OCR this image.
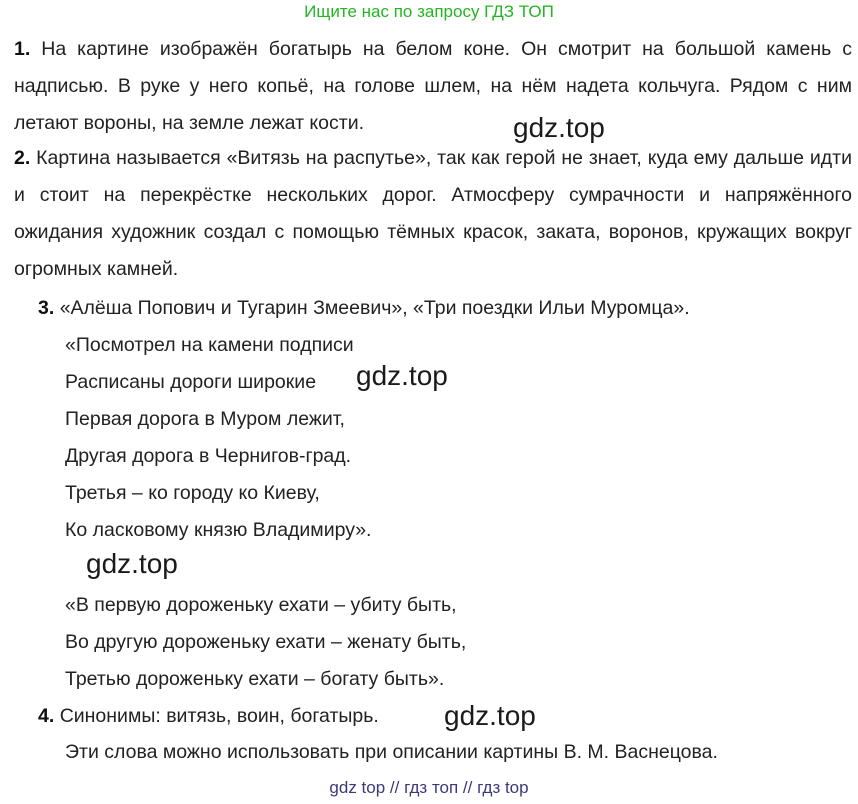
Ищите нас по запросу ГДЗ ТОП
1. На картине изображён богатырь на белом коне. Он смотрит на большой камень с надписью. В руке у него копьё, на голове шлем, на нём надета кольчуга. Рядом с ним летают вороны, на земле лежат кости.
2. Картина называется «Витязь на распутье», так как герой не знает, куда ему дальше идти и стоит на перекрёстке нескольких дорог. Атмосферу сумрачности и напряжённого ожидания художник создал с помощью тёмных красок, заката, воронов, кружащих вокруг огромных камней.
3. «Алёша Попович и Тугарин Змеевич», «Три поездки Ильи Муромца».
«Посмотрел на камени подписи
Расписаны дороги широкие
Первая дорога в Муром лежит,
Другая дорога в Чернигов-град.
Третья – ко городу ко Киеву,
Ко ласковому князю Владимиру».
«В первую дороженьку ехати – убиту быть,
Во другую дороженьку ехати – женату быть,
Третью дороженьку ехати – богату быть».
4. Синонимы: витязь, воин, богатырь.
Эти слова можно использовать при описании картины В. М. Васнецова.
gdz.top
gdz.top
gdz.top
gdz.top
gdz top // гдз топ // гдз top
